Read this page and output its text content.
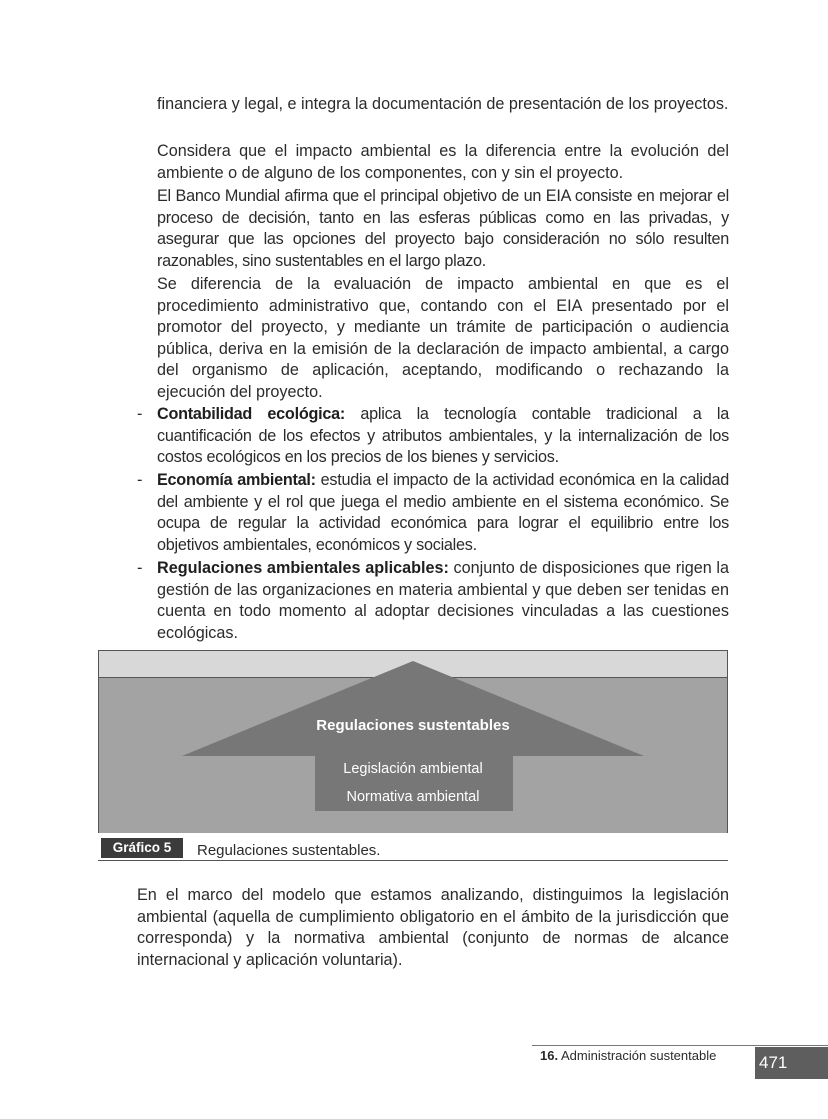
financiera y legal, e integra la documentación de presentación de los proyectos.

Considera que el impacto ambiental es la diferencia entre la evolución del ambiente o de alguno de los componentes, con y sin el proyecto.

El Banco Mundial afirma que el principal objetivo de un EIA consiste en mejorar el proceso de decisión, tanto en las esferas públicas como en las privadas, y asegurar que las opciones del proyecto bajo consideración no sólo resulten razonables, sino sustentables en el largo plazo.

Se diferencia de la evaluación de impacto ambiental en que es el procedimiento administrativo que, contando con el EIA presentado por el promotor del proyecto, y mediante un trámite de participación o audiencia pública, deriva en la emisión de la declaración de impacto ambiental, a cargo del organismo de aplicación, aceptando, modificando o rechazando la ejecución del proyecto.

- Contabilidad ecológica: aplica la tecnología contable tradicional a la cuantificación de los efectos y atributos ambientales, y la internalización de los costos ecológicos en los precios de los bienes y servicios.
- Economía ambiental: estudia el impacto de la actividad económica en la calidad del ambiente y el rol que juega el medio ambiente en el sistema económico. Se ocupa de regular la actividad económica para lograr el equilibrio entre los objetivos ambientales, económicos y sociales.
- Regulaciones ambientales aplicables: conjunto de disposiciones que rigen la gestión de las organizaciones en materia ambiental y que deben ser tenidas en cuenta en todo momento al adoptar decisiones vinculadas a las cuestiones ecológicas.
Regulaciones sustentables
Legislación ambiental
Normativa ambiental
Gráfico 5	Regulaciones sustentables.

En el marco del modelo que estamos analizando, distinguimos la legislación ambiental (aquella de cumplimiento obligatorio en el ámbito de la jurisdicción que corresponda) y la normativa ambiental (conjunto de normas de alcance internacional y aplicación voluntaria).

16. Administración sustentable	471
